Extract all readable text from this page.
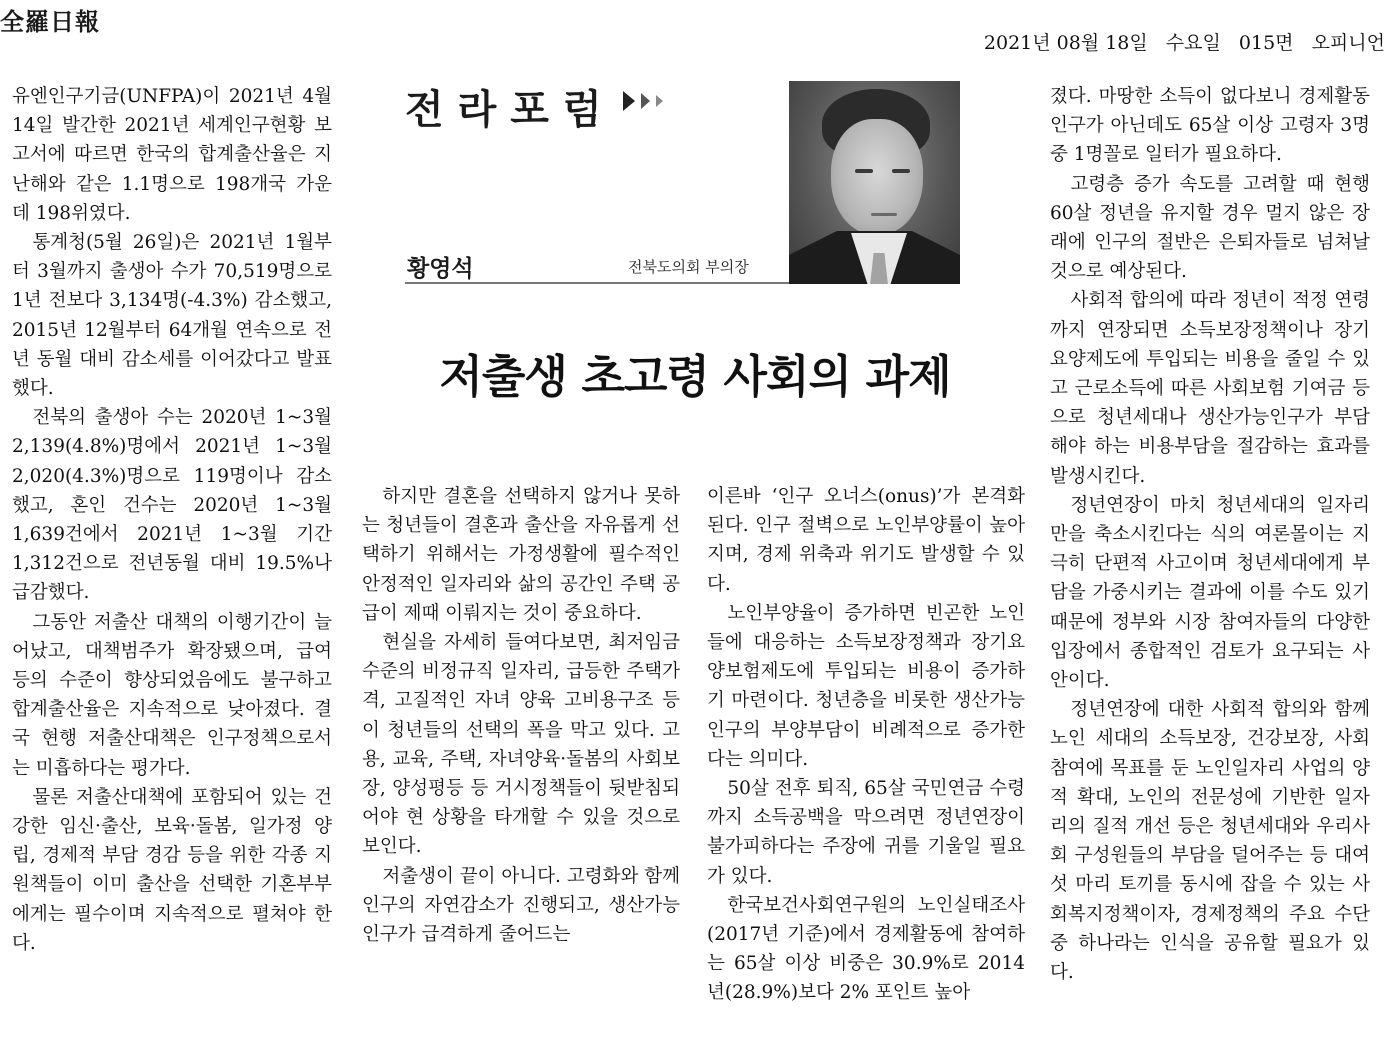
全羅日報
2021년 08월 18일 수요일 015면 오피니언

유엔인구기금(UNFPA)이 2021년 4월 14일 발간한 2021년 세계인구현황 보고서에 따르면 한국의 합계출산율은 지난해와 같은 1.1명으로 198개국 가운데 198위였다.

통계청(5월 26일)은 2021년 1월부터 3월까지 출생아 수가 70,519명으로 1년 전보다 3,134명(-4.3%) 감소했고, 2015년 12월부터 64개월 연속으로 전년 동월 대비 감소세를 이어갔다고 발표했다.

전북의 출생아 수는 2020년 1~3월 2,139(4.8%)명에서 2021년 1~3월 2,020(4.3%)명으로 119명이나 감소했고, 혼인 건수는 2020년 1~3월 1,639건에서 2021년 1~3월 기간 1,312건으로 전년동월 대비 19.5%나 급감했다.

그동안 저출산 대책의 이행기간이 늘어났고, 대책범주가 확장됐으며, 급여 등의 수준이 향상되었음에도 불구하고 합계출산율은 지속적으로 낮아졌다. 결국 현행 저출산대책은 인구정책으로서는 미흡하다는 평가다.

물론 저출산대책에 포함되어 있는 건강한 임신·출산, 보육·돌봄, 일가정 양립, 경제적 부담 경감 등을 위한 각종 지원책들이 이미 출산을 선택한 기혼부부에게는 필수이며 지속적으로 펼쳐야 한다.

전라포럼
황영석	전북도의회 부의장
저출생 초고령 사회의 과제

하지만 결혼을 선택하지 않거나 못하는 청년들이 결혼과 출산을 자유롭게 선택하기 위해서는 가정생활에 필수적인 안정적인 일자리와 삶의 공간인 주택 공급이 제때 이뤄지는 것이 중요하다.

현실을 자세히 들여다보면, 최저임금 수준의 비정규직 일자리, 급등한 주택가격, 고질적인 자녀 양육 고비용구조 등이 청년들의 선택의 폭을 막고 있다. 고용, 교육, 주택, 자녀양육·돌봄의 사회보장, 양성평등 등 거시정책들이 뒷받침되어야 현 상황을 타개할 수 있을 것으로 보인다.

저출생이 끝이 아니다. 고령화와 함께 인구의 자연감소가 진행되고, 생산가능인구가 급격하게 줄어드는

이른바 ‘인구 오너스(onus)’가 본격화된다. 인구 절벽으로 노인부양률이 높아지며, 경제 위축과 위기도 발생할 수 있다.

노인부양율이 증가하면 빈곤한 노인들에 대응하는 소득보장정책과 장기요양보험제도에 투입되는 비용이 증가하기 마련이다. 청년층을 비롯한 생산가능인구의 부양부담이 비례적으로 증가한다는 의미다.

50살 전후 퇴직, 65살 국민연금 수령까지 소득공백을 막으려면 정년연장이 불가피하다는 주장에 귀를 기울일 필요가 있다.

한국보건사회연구원의 노인실태조사(2017년 기준)에서 경제활동에 참여하는 65살 이상 비중은 30.9%로 2014년(28.9%)보다 2% 포인트 높아

졌다. 마땅한 소득이 없다보니 경제활동인구가 아닌데도 65살 이상 고령자 3명 중 1명꼴로 일터가 필요하다.

고령층 증가 속도를 고려할 때 현행 60살 정년을 유지할 경우 멀지 않은 장래에 인구의 절반은 은퇴자들로 넘쳐날 것으로 예상된다.

사회적 합의에 따라 정년이 적정 연령까지 연장되면 소득보장정책이나 장기요양제도에 투입되는 비용을 줄일 수 있고 근로소득에 따른 사회보험 기여금 등으로 청년세대나 생산가능인구가 부담해야 하는 비용부담을 절감하는 효과를 발생시킨다.

정년연장이 마치 청년세대의 일자리만을 축소시킨다는 식의 여론몰이는 지극히 단편적 사고이며 청년세대에게 부담을 가중시키는 결과에 이를 수도 있기 때문에 정부와 시장 참여자들의 다양한 입장에서 종합적인 검토가 요구되는 사안이다.

정년연장에 대한 사회적 합의와 함께 노인 세대의 소득보장, 건강보장, 사회참여에 목표를 둔 노인일자리 사업의 양적 확대, 노인의 전문성에 기반한 일자리의 질적 개선 등은 청년세대와 우리사회 구성원들의 부담을 덜어주는 등 대여섯 마리 토끼를 동시에 잡을 수 있는 사회복지정책이자, 경제정책의 주요 수단 중 하나라는 인식을 공유할 필요가 있다.
